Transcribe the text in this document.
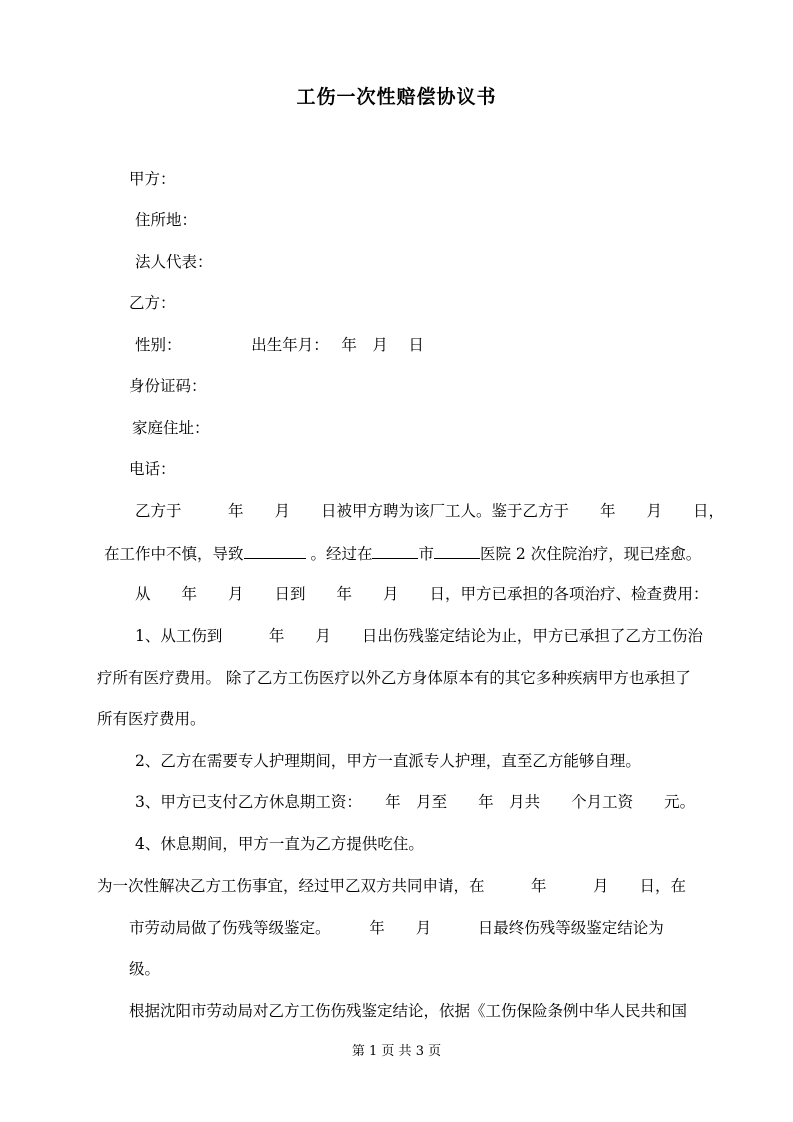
工伤一次性赔偿协议书
甲方：
住所地：
法人代表：
乙方：
性别：　　　　　出生年月：　 年　月　 日
身份证码：
家庭住址：
电话：
乙方于　　　年　　月　　日被甲方聘为该厂工人。鉴于乙方于　　年　　月　　日，
在工作中不慎，导致	。经过在	市	医院 2 次住院治疗，现已痊愈。
从　　年　　月　　日到　　年　　月　　日，甲方已承担的各项治疗、检查费用：
1、从工伤到　　　年　　月　　日出伤残鉴定结论为止，甲方已承担了乙方工伤治
疗所有医疗费用。 除了乙方工伤医疗以外乙方身体原本有的其它多种疾病甲方也承担了
所有医疗费用。
2、乙方在需要专人护理期间，甲方一直派专人护理，直至乙方能够自理。
3、甲方已支付乙方休息期工资：　　年　月至　　年　月共　　个月工资　　元。
4、休息期间，甲方一直为乙方提供吃住。
为一次性解决乙方工伤事宜，经过甲乙双方共同申请，在　　　年　　　月　　日，在
市劳动局做了伤残等级鉴定。　　　年　　月　　　日最终伤残等级鉴定结论为
级。
根据沈阳市劳动局对乙方工伤伤残鉴定结论，依据《工伤保险条例中华人民共和国
第 1 页 共 3 页
